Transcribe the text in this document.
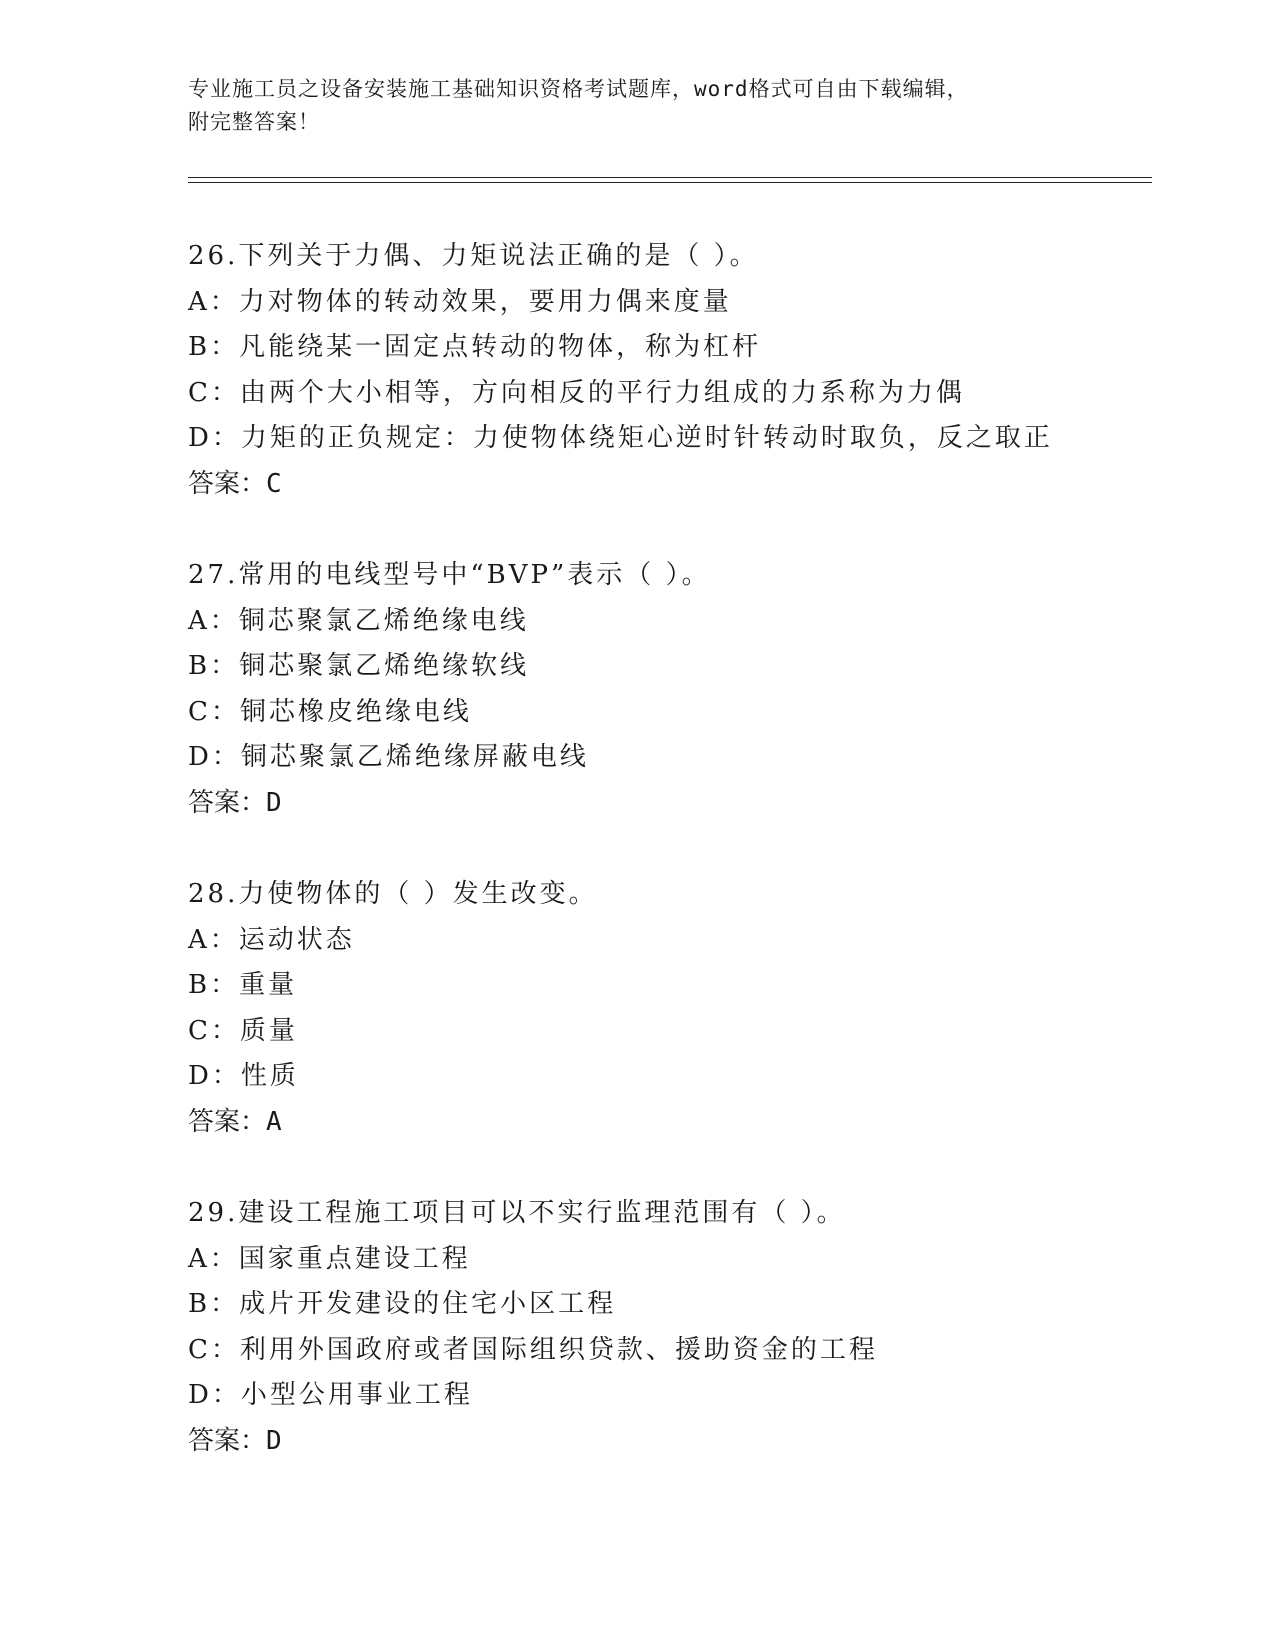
专业施工员之设备安装施工基础知识资格考试题库，word格式可自由下载编辑，
附完整答案！
26.下列关于力偶、力矩说法正确的是（ ）。
A：力对物体的转动效果，要用力偶来度量
B：凡能绕某一固定点转动的物体，称为杠杆
C：由两个大小相等，方向相反的平行力组成的力系称为力偶
D：力矩的正负规定：力使物体绕矩心逆时针转动时取负，反之取正
答案：C
27.常用的电线型号中“BVP”表示（ ）。
A：铜芯聚氯乙烯绝缘电线
B：铜芯聚氯乙烯绝缘软线
C：铜芯橡皮绝缘电线
D：铜芯聚氯乙烯绝缘屏蔽电线
答案：D
28.力使物体的（ ）发生改变。
A：运动状态
B：重量
C：质量
D：性质
答案：A
29.建设工程施工项目可以不实行监理范围有（ ）。
A：国家重点建设工程
B：成片开发建设的住宅小区工程
C：利用外国政府或者国际组织贷款、援助资金的工程
D：小型公用事业工程
答案：D
